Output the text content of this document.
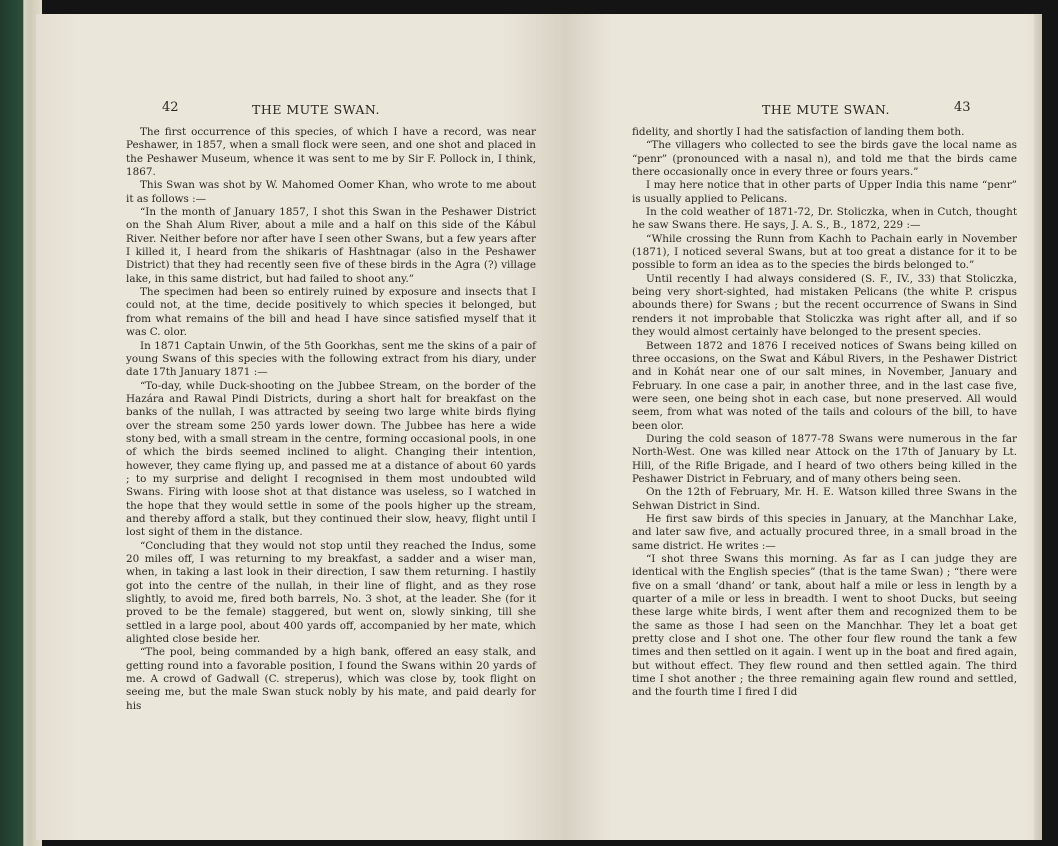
42	THE MUTE SWAN.

The first occurrence of this species, of which I have a record, was near Peshawer, in 1857, when a small flock were seen, and one shot and placed in the Peshawer Museum, whence it was sent to me by Sir F. Pollock in, I think, 1867.

This Swan was shot by W. Mahomed Oomer Khan, who wrote to me about it as follows :—

“In the month of January 1857, I shot this Swan in the Peshawer District on the Shah Alum River, about a mile and a half on this side of the Kábul River. Neither before nor after have I seen other Swans, but a few years after I killed it, I heard from the shikaris of Hashtnagar (also in the Peshawer District) that they had recently seen five of these birds in the Agra (?) village lake, in this same district, but had failed to shoot any.”

The specimen had been so entirely ruined by exposure and insects that I could not, at the time, decide positively to which species it belonged, but from what remains of the bill and head I have since satisfied myself that it was C. olor.

In 1871 Captain Unwin, of the 5th Goorkhas, sent me the skins of a pair of young Swans of this species with the following extract from his diary, under date 17th January 1871 :—

“To-day, while Duck-shooting on the Jubbee Stream, on the border of the Hazára and Rawal Pindi Districts, during a short halt for breakfast on the banks of the nullah, I was attracted by seeing two large white birds flying over the stream some 250 yards lower down. The Jubbee has here a wide stony bed, with a small stream in the centre, forming occasional pools, in one of which the birds seemed inclined to alight. Changing their intention, however, they came flying up, and passed me at a distance of about 60 yards ; to my surprise and delight I recognised in them most undoubted wild Swans. Firing with loose shot at that distance was useless, so I watched in the hope that they would settle in some of the pools higher up the stream, and thereby afford a stalk, but they continued their slow, heavy, flight until I lost sight of them in the distance.

“Concluding that they would not stop until they reached the Indus, some 20 miles off, I was returning to my breakfast, a sadder and a wiser man, when, in taking a last look in their direction, I saw them returning. I hastily got into the centre of the nullah, in their line of flight, and as they rose slightly, to avoid me, fired both barrels, No. 3 shot, at the leader. She (for it proved to be the female) staggered, but went on, slowly sinking, till she settled in a large pool, about 400 yards off, accompanied by her mate, which alighted close beside her.

“The pool, being commanded by a high bank, offered an easy stalk, and getting round into a favorable position, I found the Swans within 20 yards of me. A crowd of Gadwall (C. streperus), which was close by, took flight on seeing me, but the male Swan stuck nobly by his mate, and paid dearly for his

THE MUTE SWAN.	43

fidelity, and shortly I had the satisfaction of landing them both.

“The villagers who collected to see the birds gave the local name as “penr” (pronounced with a nasal n), and told me that the birds came there occasionally once in every three or fours years.”

I may here notice that in other parts of Upper India this name “penr” is usually applied to Pelicans.

In the cold weather of 1871-72, Dr. Stoliczka, when in Cutch, thought he saw Swans there. He says, J. A. S., B., 1872, 229 :—

“While crossing the Runn from Kachh to Pachain early in November (1871), I noticed several Swans, but at too great a distance for it to be possible to form an idea as to the species the birds belonged to.”

Until recently I had always considered (S. F., IV., 33) that Stoliczka, being very short-sighted, had mistaken Pelicans (the white P. crispus abounds there) for Swans ; but the recent occurrence of Swans in Sind renders it not improbable that Stoliczka was right after all, and if so they would almost certainly have belonged to the present species.

Between 1872 and 1876 I received notices of Swans being killed on three occasions, on the Swat and Kábul Rivers, in the Peshawer District and in Kohát near one of our salt mines, in November, January and February. In one case a pair, in another three, and in the last case five, were seen, one being shot in each case, but none preserved. All would seem, from what was noted of the tails and colours of the bill, to have been olor.

During the cold season of 1877-78 Swans were numerous in the far North-West. One was killed near Attock on the 17th of January by Lt. Hill, of the Rifle Brigade, and I heard of two others being killed in the Peshawer District in February, and of many others being seen.

On the 12th of February, Mr. H. E. Watson killed three Swans in the Sehwan District in Sind.

He first saw birds of this species in January, at the Manchhar Lake, and later saw five, and actually procured three, in a small broad in the same district. He writes :—

“I shot three Swans this morning. As far as I can judge they are identical with the English species” (that is the tame Swan) ; “there were five on a small ‘dhand’ or tank, about half a mile or less in length by a quarter of a mile or less in breadth. I went to shoot Ducks, but seeing these large white birds, I went after them and recognized them to be the same as those I had seen on the Manchhar. They let a boat get pretty close and I shot one. The other four flew round the tank a few times and then settled on it again. I went up in the boat and fired again, but without effect. They flew round and then settled again. The third time I shot another ; the three remaining again flew round and settled, and the fourth time I fired I did
